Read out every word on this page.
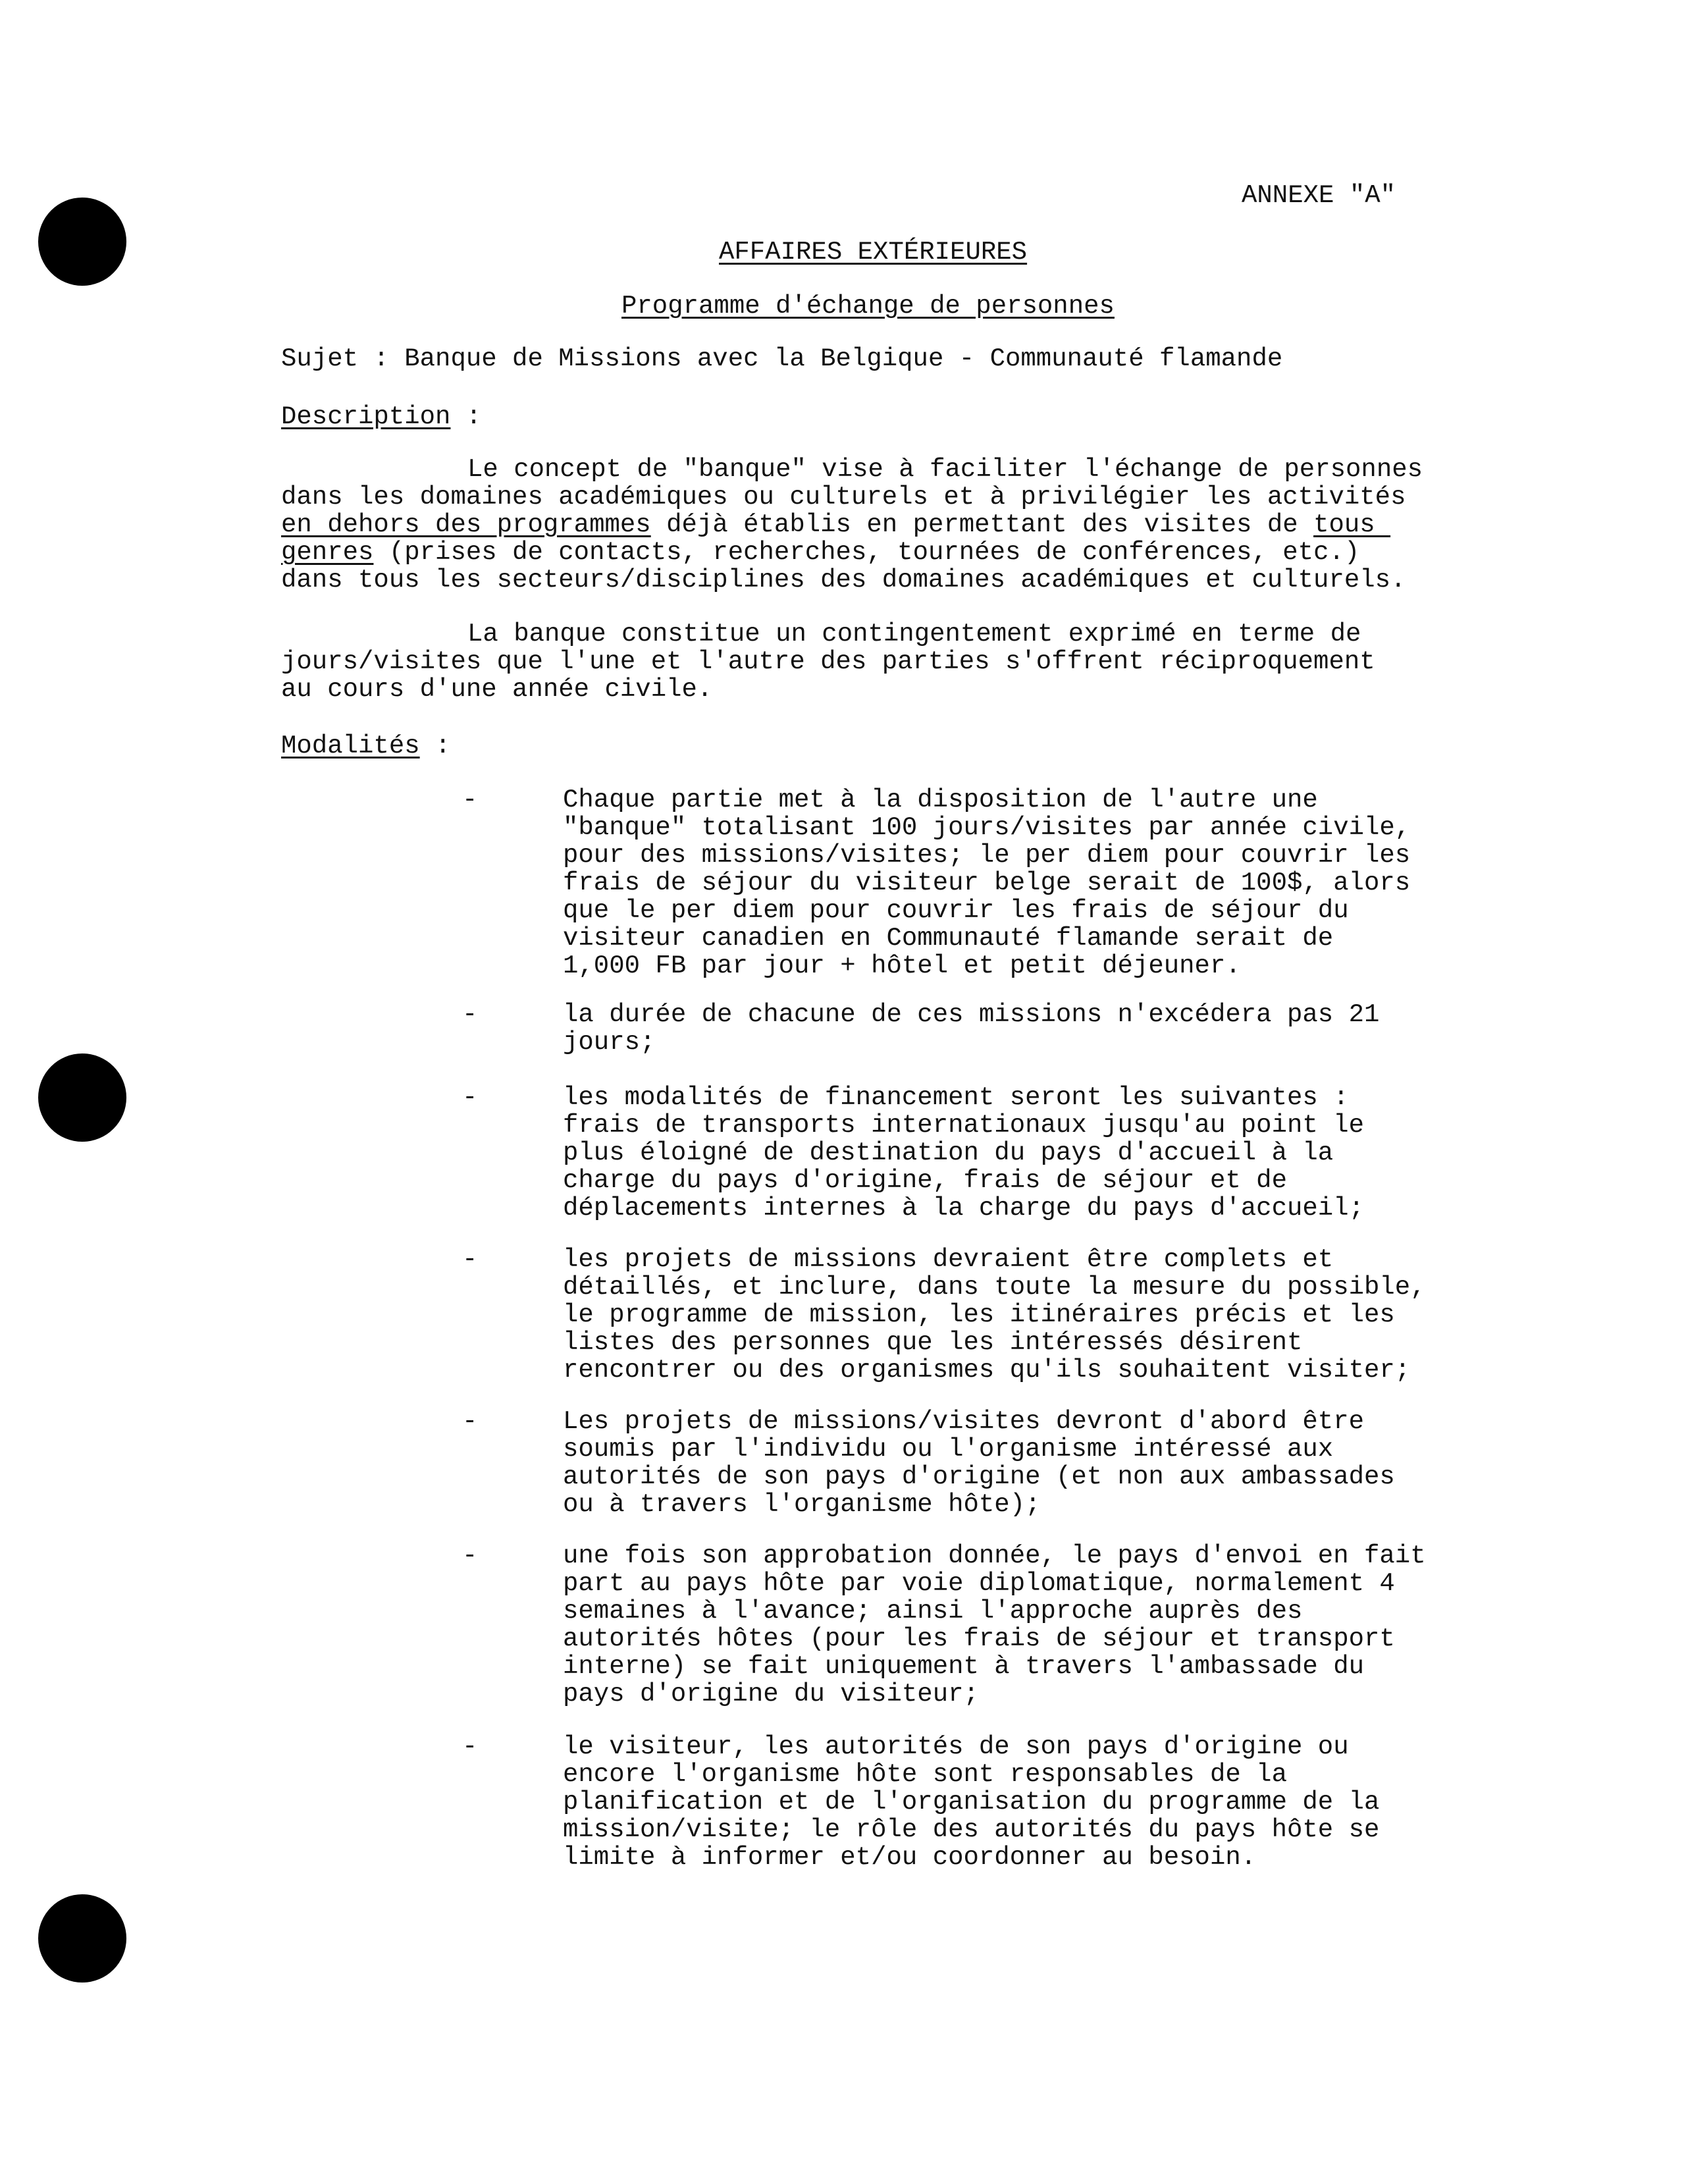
ANNEXE "A"
AFFAIRES EXTÉRIEURES
Programme d'échange de personnes
Sujet : Banque de Missions avec la Belgique - Communauté flamande
Description :
Le concept de "banque" vise à faciliter l'échange de personnes
dans les domaines académiques ou culturels et à privilégier les activités
en dehors des programmes déjà établis en permettant des visites de tous
genres (prises de contacts, recherches, tournées de conférences, etc.)
dans tous les secteurs/disciplines des domaines académiques et culturels.
La banque constitue un contingentement exprimé en terme de
jours/visites que l'une et l'autre des parties s'offrent réciproquement
au cours d'une année civile.
Modalités :
-	Chaque partie met à la disposition de l'autre une
"banque" totalisant 100 jours/visites par année civile,
pour des missions/visites; le per diem pour couvrir les
frais de séjour du visiteur belge serait de 100$, alors
que le per diem pour couvrir les frais de séjour du
visiteur canadien en Communauté flamande serait de
1,000 FB par jour + hôtel et petit déjeuner.
-	la durée de chacune de ces missions n'excédera pas 21
jours;
-	les modalités de financement seront les suivantes :
frais de transports internationaux jusqu'au point le
plus éloigné de destination du pays d'accueil à la
charge du pays d'origine, frais de séjour et de
déplacements internes à la charge du pays d'accueil;
-	les projets de missions devraient être complets et
détaillés, et inclure, dans toute la mesure du possible,
le programme de mission, les itinéraires précis et les
listes des personnes que les intéressés désirent
rencontrer ou des organismes qu'ils souhaitent visiter;
-	Les projets de missions/visites devront d'abord être
soumis par l'individu ou l'organisme intéressé aux
autorités de son pays d'origine (et non aux ambassades
ou à travers l'organisme hôte);
-	une fois son approbation donnée, le pays d'envoi en fait
part au pays hôte par voie diplomatique, normalement 4
semaines à l'avance; ainsi l'approche auprès des
autorités hôtes (pour les frais de séjour et transport
interne) se fait uniquement à travers l'ambassade du
pays d'origine du visiteur;
-	le visiteur, les autorités de son pays d'origine ou
encore l'organisme hôte sont responsables de la
planification et de l'organisation du programme de la
mission/visite; le rôle des autorités du pays hôte se
limite à informer et/ou coordonner au besoin.
